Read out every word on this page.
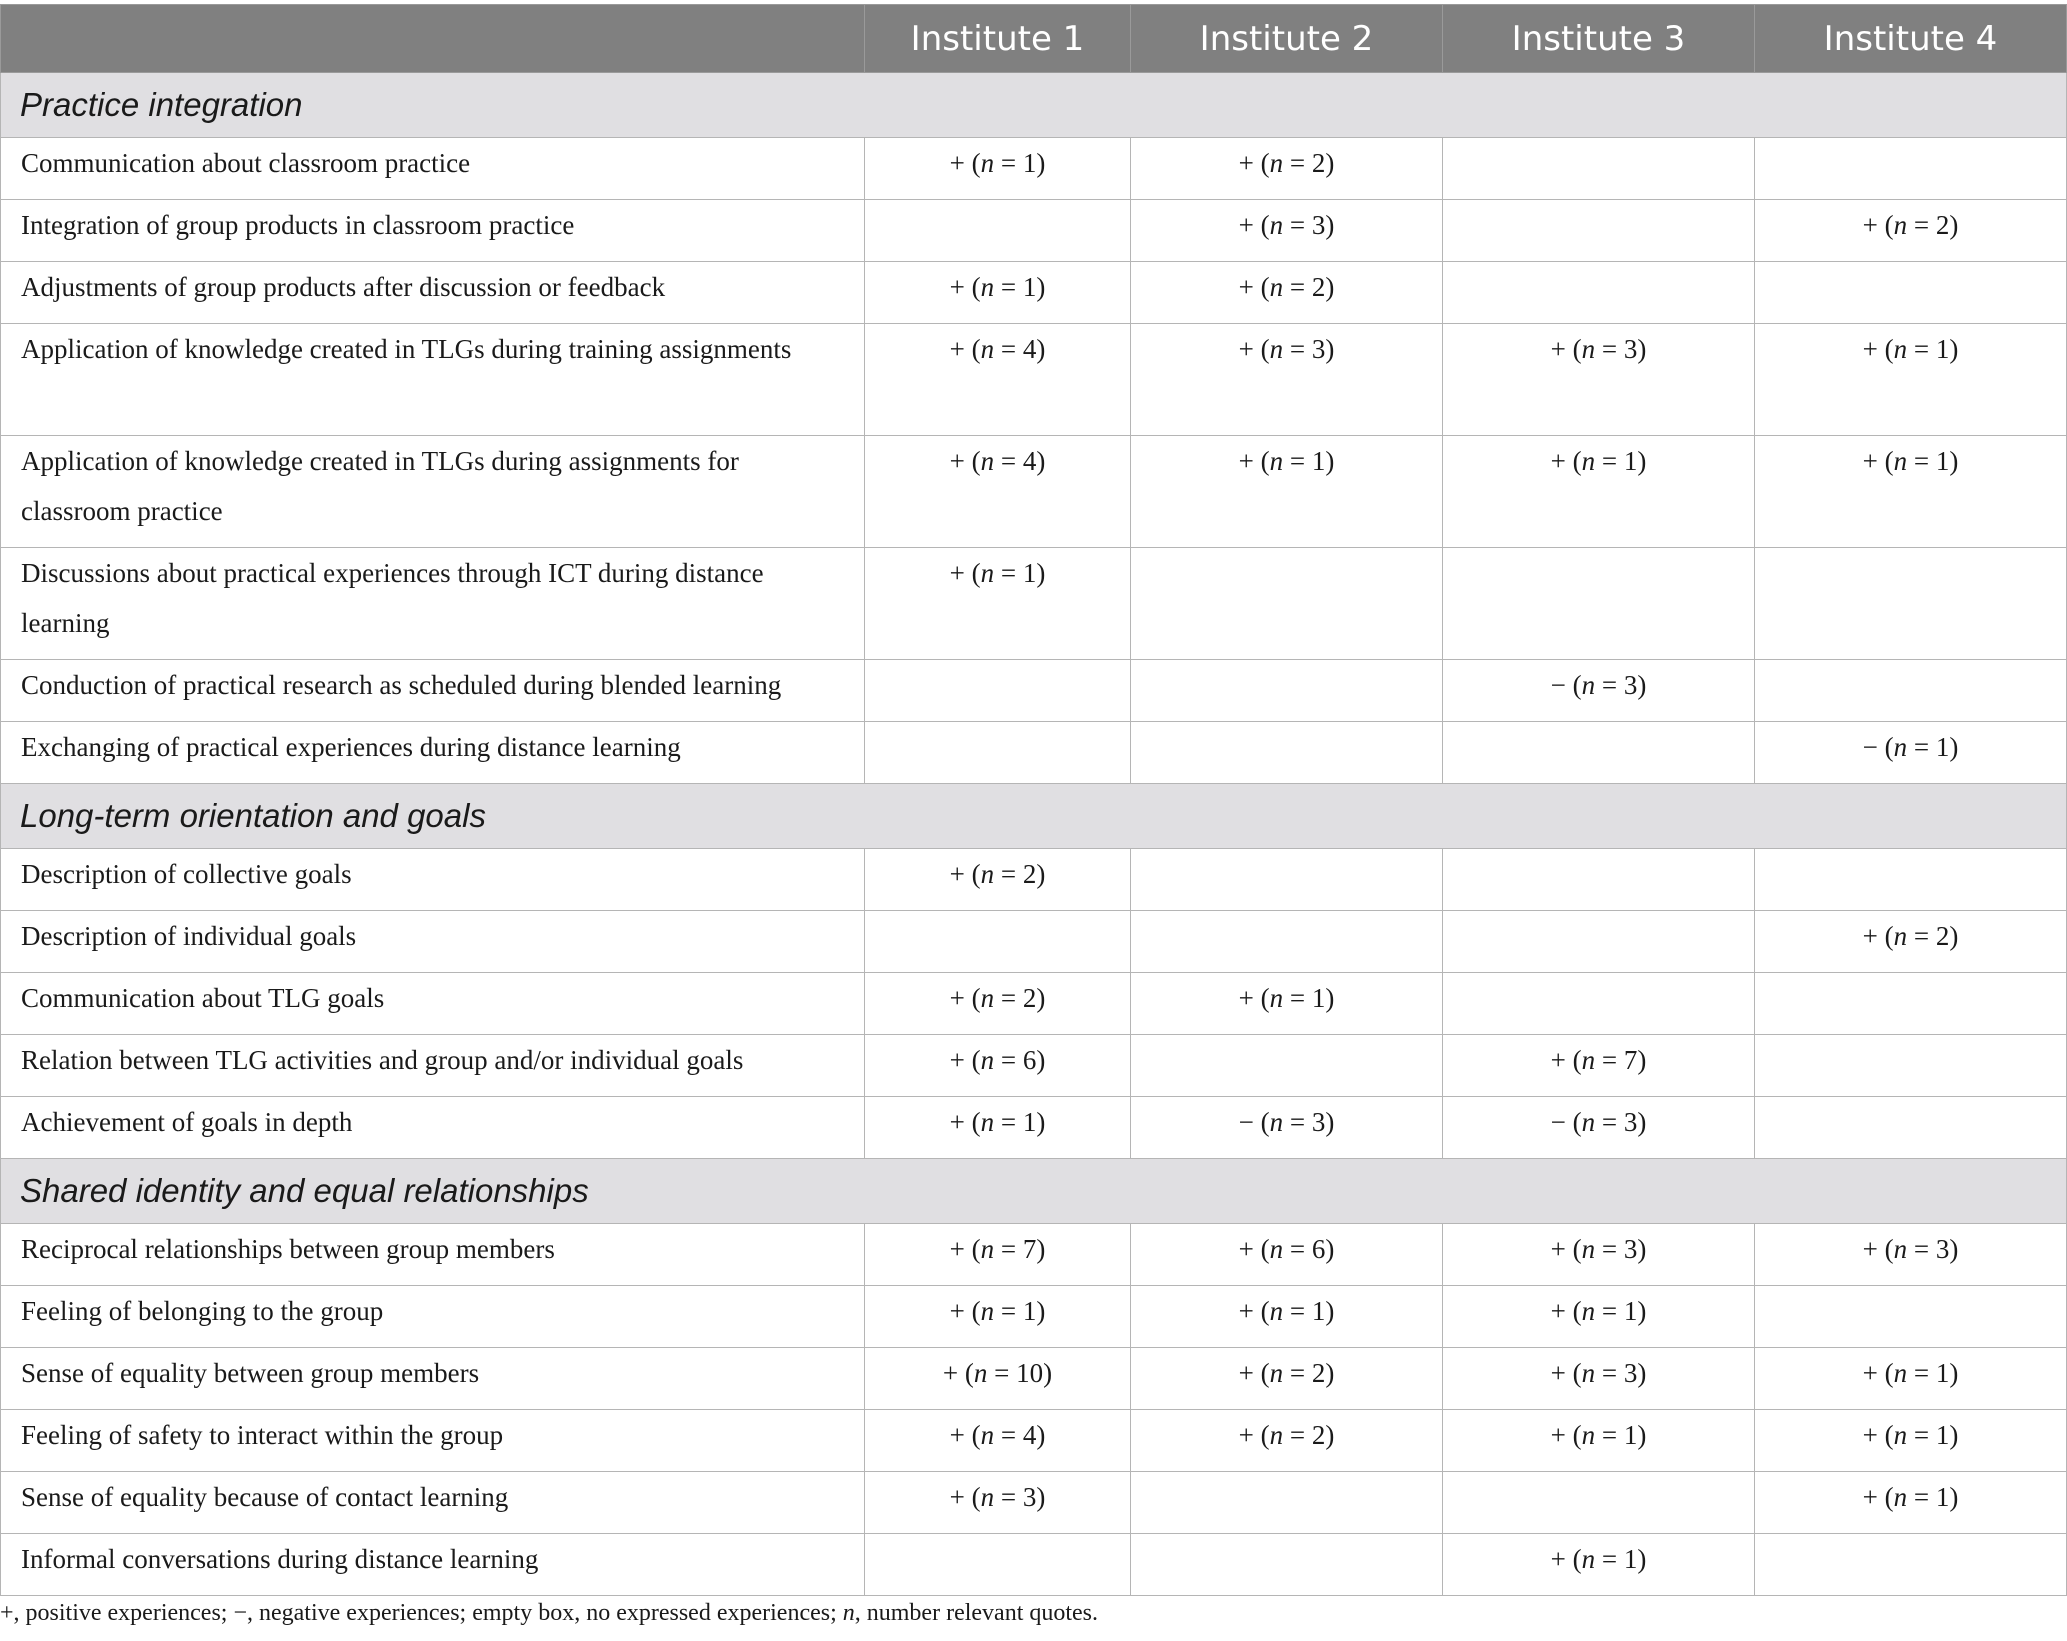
	Institute 1	Institute 2	Institute 3	Institute 4
Practice integration				
Communication about classroom practice	+ (n = 1)	+ (n = 2)		
Integration of group products in classroom practice		+ (n = 3)		+ (n = 2)
Adjustments of group products after discussion or feedback	+ (n = 1)	+ (n = 2)		
Application of knowledge created in TLGs during training assignments	+ (n = 4)	+ (n = 3)	+ (n = 3)	+ (n = 1)
Application of knowledge created in TLGs during assignments for classroom practice	+ (n = 4)	+ (n = 1)	+ (n = 1)	+ (n = 1)
Discussions about practical experiences through ICT during distance learning	+ (n = 1)			
Conduction of practical research as scheduled during blended learning			− (n = 3)	
Exchanging of practical experiences during distance learning				− (n = 1)
Long-term orientation and goals				
Description of collective goals	+ (n = 2)			
Description of individual goals				+ (n = 2)
Communication about TLG goals	+ (n = 2)	+ (n = 1)		
Relation between TLG activities and group and/or individual goals	+ (n = 6)		+ (n = 7)	
Achievement of goals in depth	+ (n = 1)	− (n = 3)	− (n = 3)	
Shared identity and equal relationships				
Reciprocal relationships between group members	+ (n = 7)	+ (n = 6)	+ (n = 3)	+ (n = 3)
Feeling of belonging to the group	+ (n = 1)	+ (n = 1)	+ (n = 1)	
Sense of equality between group members	+ (n = 10)	+ (n = 2)	+ (n = 3)	+ (n = 1)
Feeling of safety to interact within the group	+ (n = 4)	+ (n = 2)	+ (n = 1)	+ (n = 1)
Sense of equality because of contact learning	+ (n = 3)			+ (n = 1)
Informal conversations during distance learning			+ (n = 1)	
+, positive experiences; −, negative experiences; empty box, no expressed experiences; n, number relevant quotes.
